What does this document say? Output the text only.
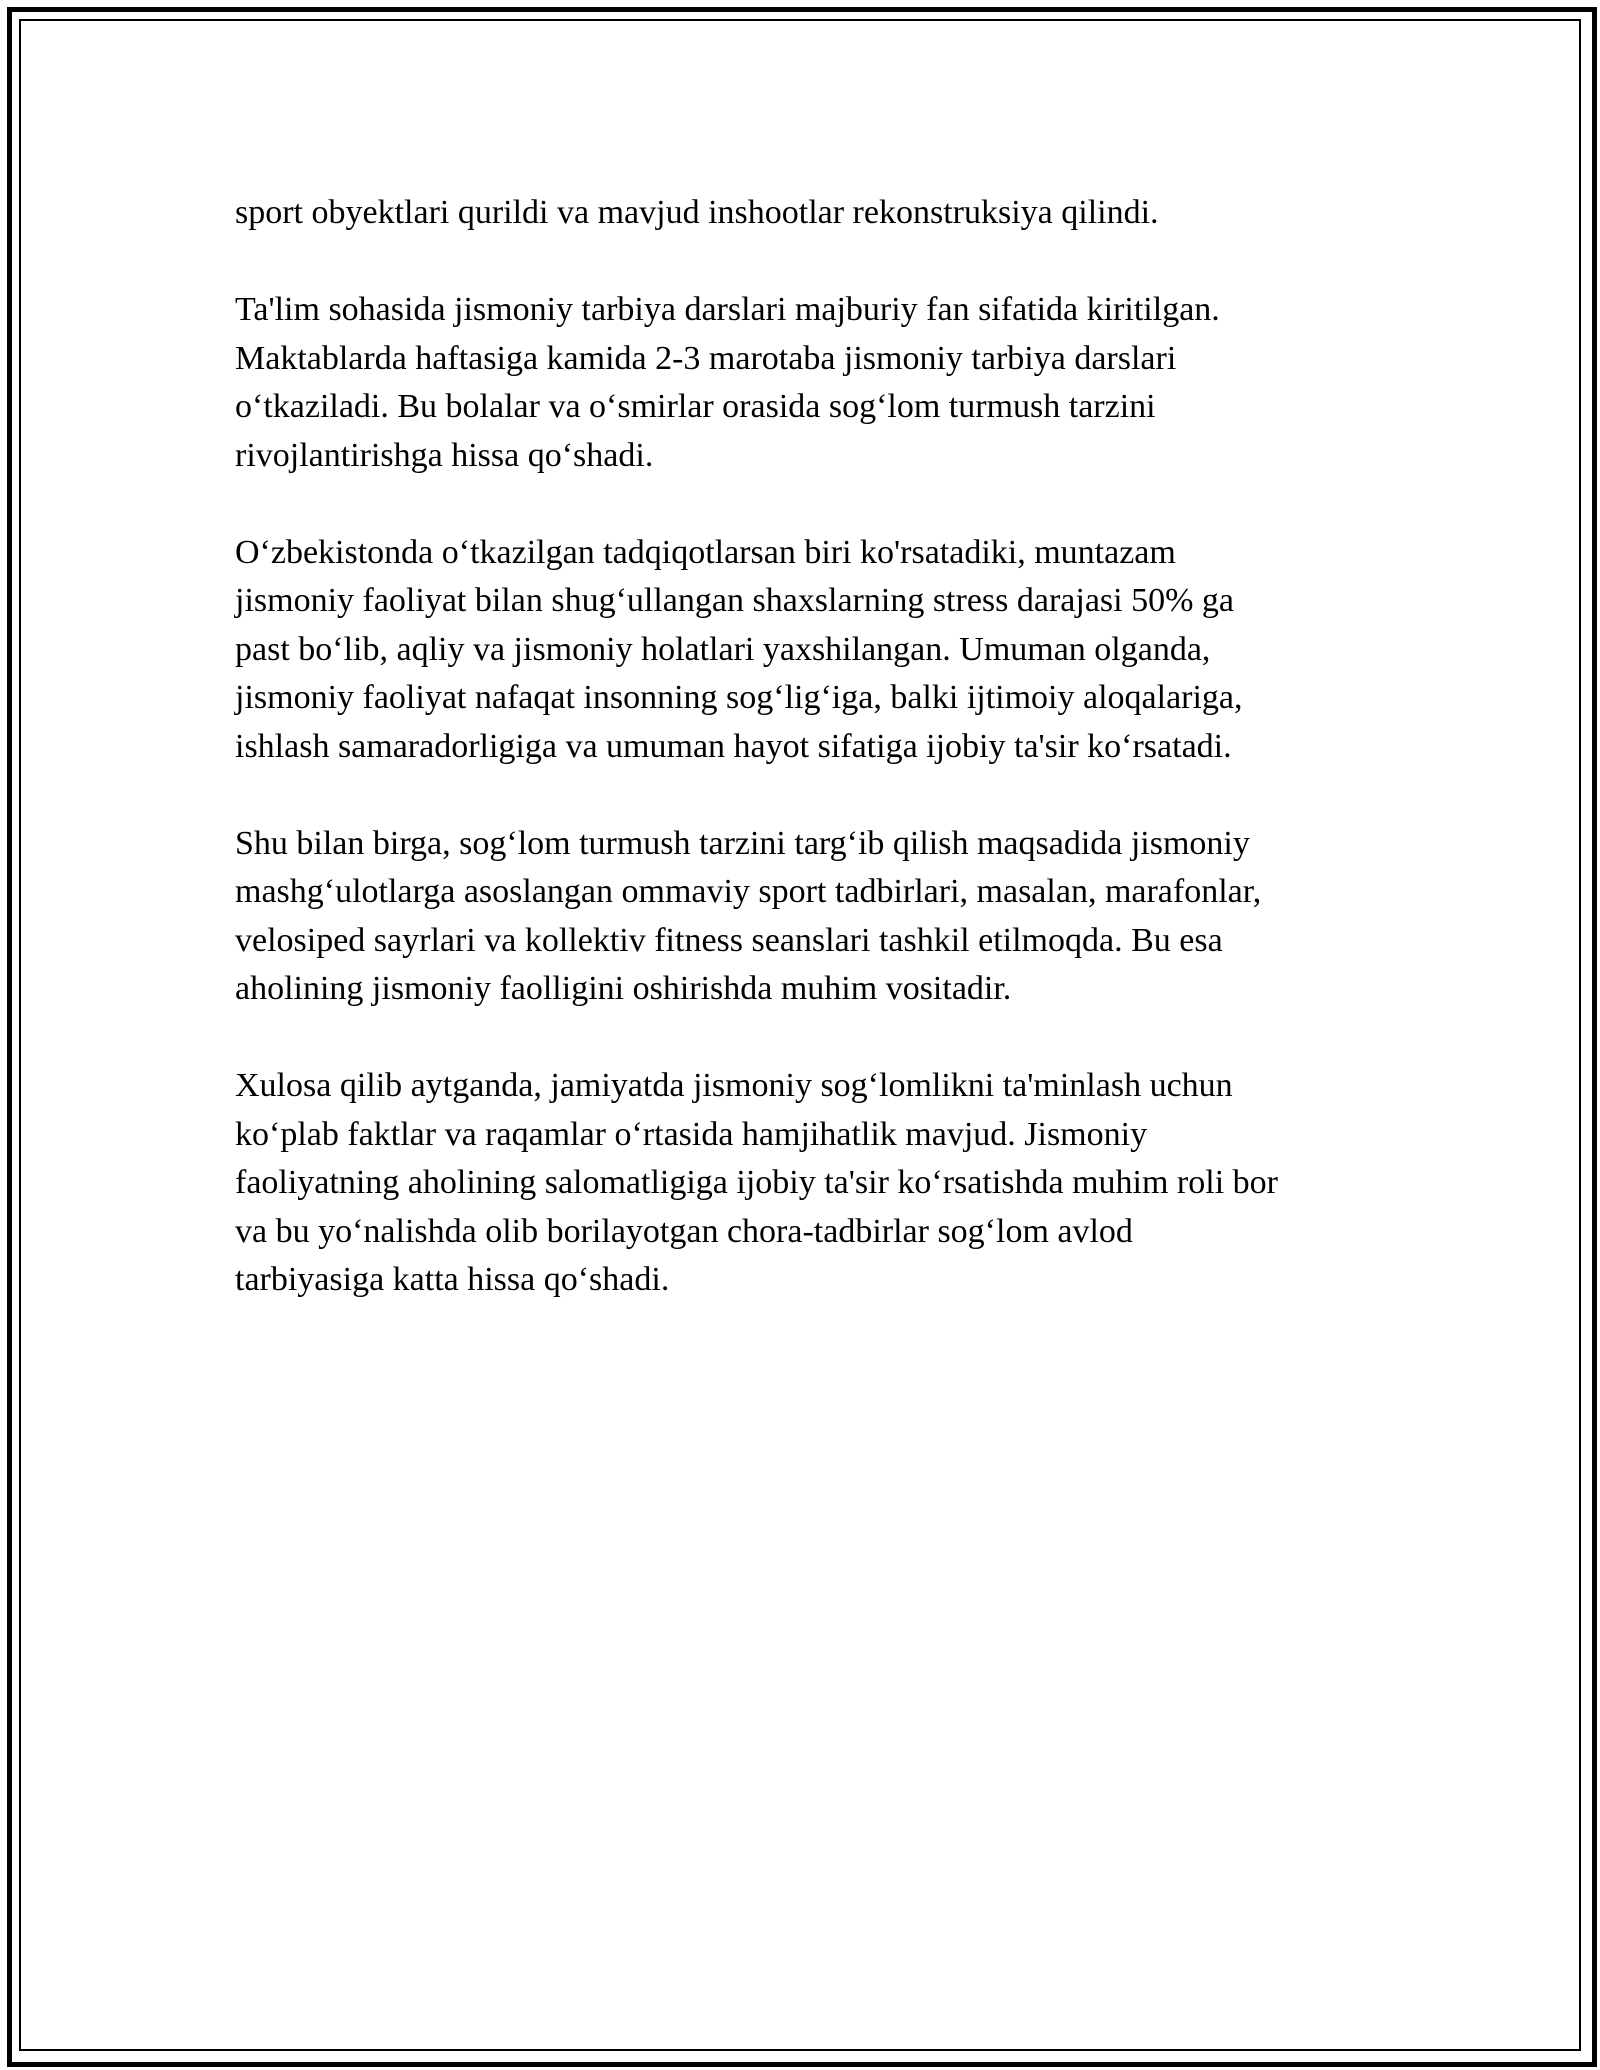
sport obyektlari qurildi va mavjud inshootlar rekonstruksiya qilindi.

Ta'lim sohasida jismoniy tarbiya darslari majburiy fan sifatida kiritilgan.
Maktablarda haftasiga kamida 2-3 marotaba jismoniy tarbiya darslari
o‘tkaziladi. Bu bolalar va o‘smirlar orasida sog‘lom turmush tarzini
rivojlantirishga hissa qo‘shadi.

O‘zbekistonda o‘tkazilgan tadqiqotlarsan biri ko'rsatadiki, muntazam
jismoniy faoliyat bilan shug‘ullangan shaxslarning stress darajasi 50% ga
past bo‘lib, aqliy va jismoniy holatlari yaxshilangan. Umuman olganda,
jismoniy faoliyat nafaqat insonning sog‘lig‘iga, balki ijtimoiy aloqalariga,
ishlash samaradorligiga va umuman hayot sifatiga ijobiy ta'sir ko‘rsatadi.

Shu bilan birga, sog‘lom turmush tarzini targ‘ib qilish maqsadida jismoniy
mashg‘ulotlarga asoslangan ommaviy sport tadbirlari, masalan, marafonlar,
velosiped sayrlari va kollektiv fitness seanslari tashkil etilmoqda. Bu esa
aholining jismoniy faolligini oshirishda muhim vositadir.

Xulosa qilib aytganda, jamiyatda jismoniy sog‘lomlikni ta'minlash uchun
ko‘plab faktlar va raqamlar o‘rtasida hamjihatlik mavjud. Jismoniy
faoliyatning aholining salomatligiga ijobiy ta'sir ko‘rsatishda muhim roli bor
va bu yo‘nalishda olib borilayotgan chora-tadbirlar sog‘lom avlod
tarbiyasiga katta hissa qo‘shadi.
